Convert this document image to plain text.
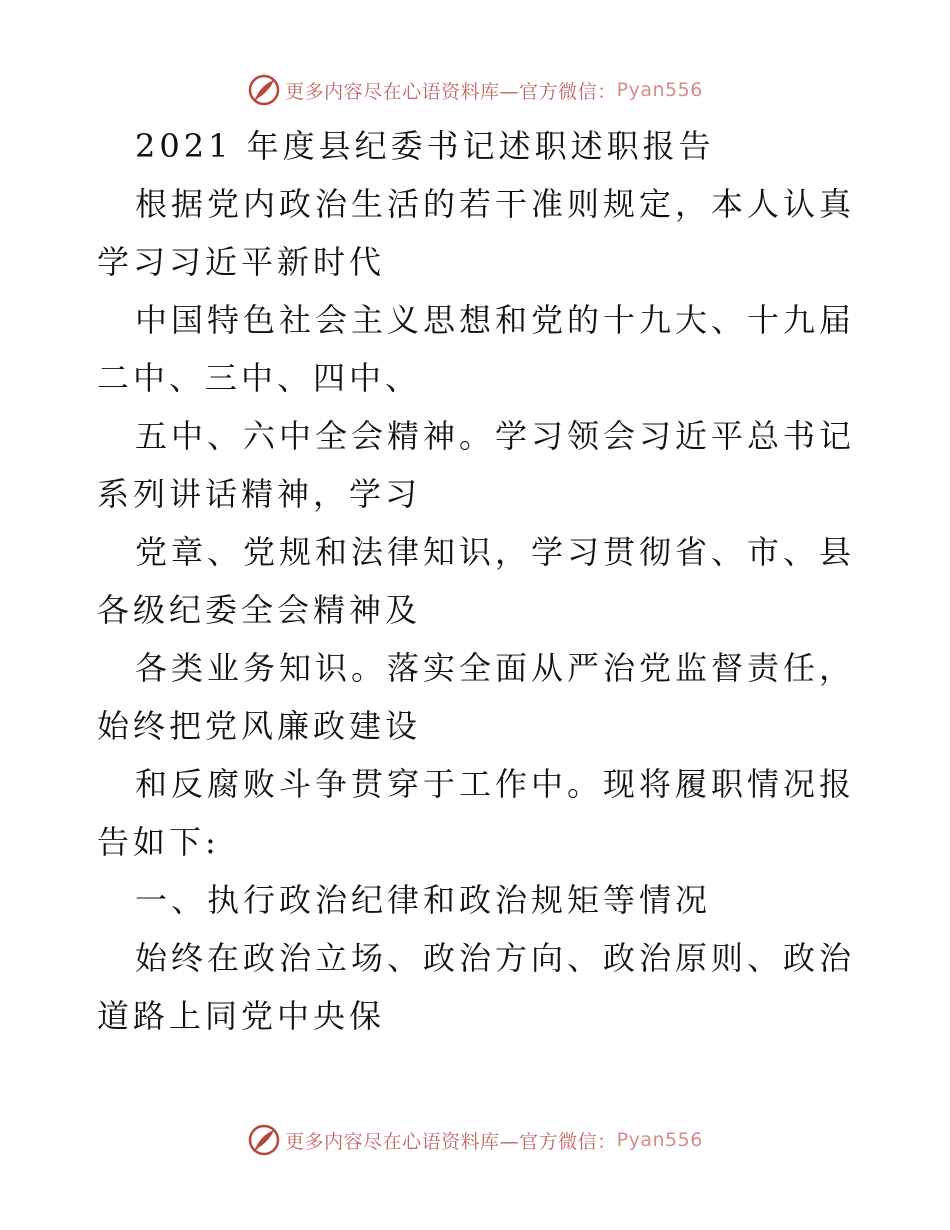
更多内容尽在心语资料库—官方微信： Pyan556

2021 年度县纪委书记述职述职报告

根据党内政治生活的若干准则规定，本人认真学习习近平新时代

中国特色社会主义思想和党的十九大、十九届二中、三中、四中、

五中、六中全会精神。学习领会习近平总书记系列讲话精神，学习

党章、党规和法律知识，学习贯彻省、市、县各级纪委全会精神及

各类业务知识。落实全面从严治党监督责任，始终把党风廉政建设

和反腐败斗争贯穿于工作中。现将履职情况报告如下:

一、执行政治纪律和政治规矩等情况

始终在政治立场、政治方向、政治原则、政治道路上同党中央保

更多内容尽在心语资料库—官方微信： Pyan556
